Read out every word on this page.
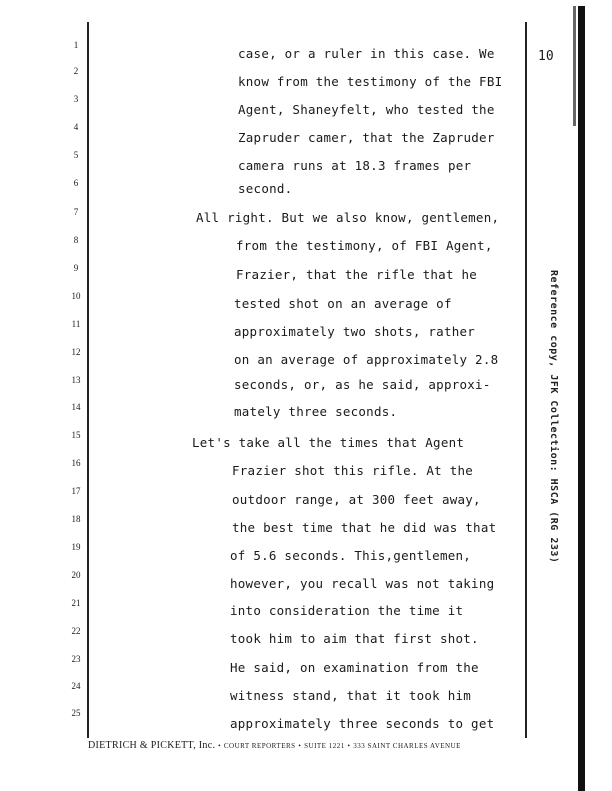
10
1
2
3
4
5
6
7
8
9
10
11
12
13
14
15
16
17
18
19
20
21
22
23
24
25
case, or a ruler in this case. We
know from the testimony of the FBI
Agent, Shaneyfelt, who tested the
Zapruder camer, that the Zapruder
camera runs at 18.3 frames per
second.
All right. But we also know, gentlemen,
from the testimony, of FBI Agent,
Frazier, that the rifle that he
tested shot on an average of
approximately two shots, rather
on an average of approximately 2.8
seconds, or, as he said, approxi-
mately three seconds.
Let's take all the times that Agent
Frazier shot this rifle. At the
outdoor range, at 300 feet away,
the best time that he did was that
of 5.6 seconds. This,gentlemen,
however, you recall was not taking
into consideration the time it
took him to aim that first shot.
He said, on examination from the
witness stand, that it took him
approximately three seconds to get
Reference copy, JFK Collection: HSCA (RG 233)
DIETRICH & PICKETT, Inc. • COURT REPORTERS • SUITE 1221 • 333 SAINT CHARLES AVENUE
